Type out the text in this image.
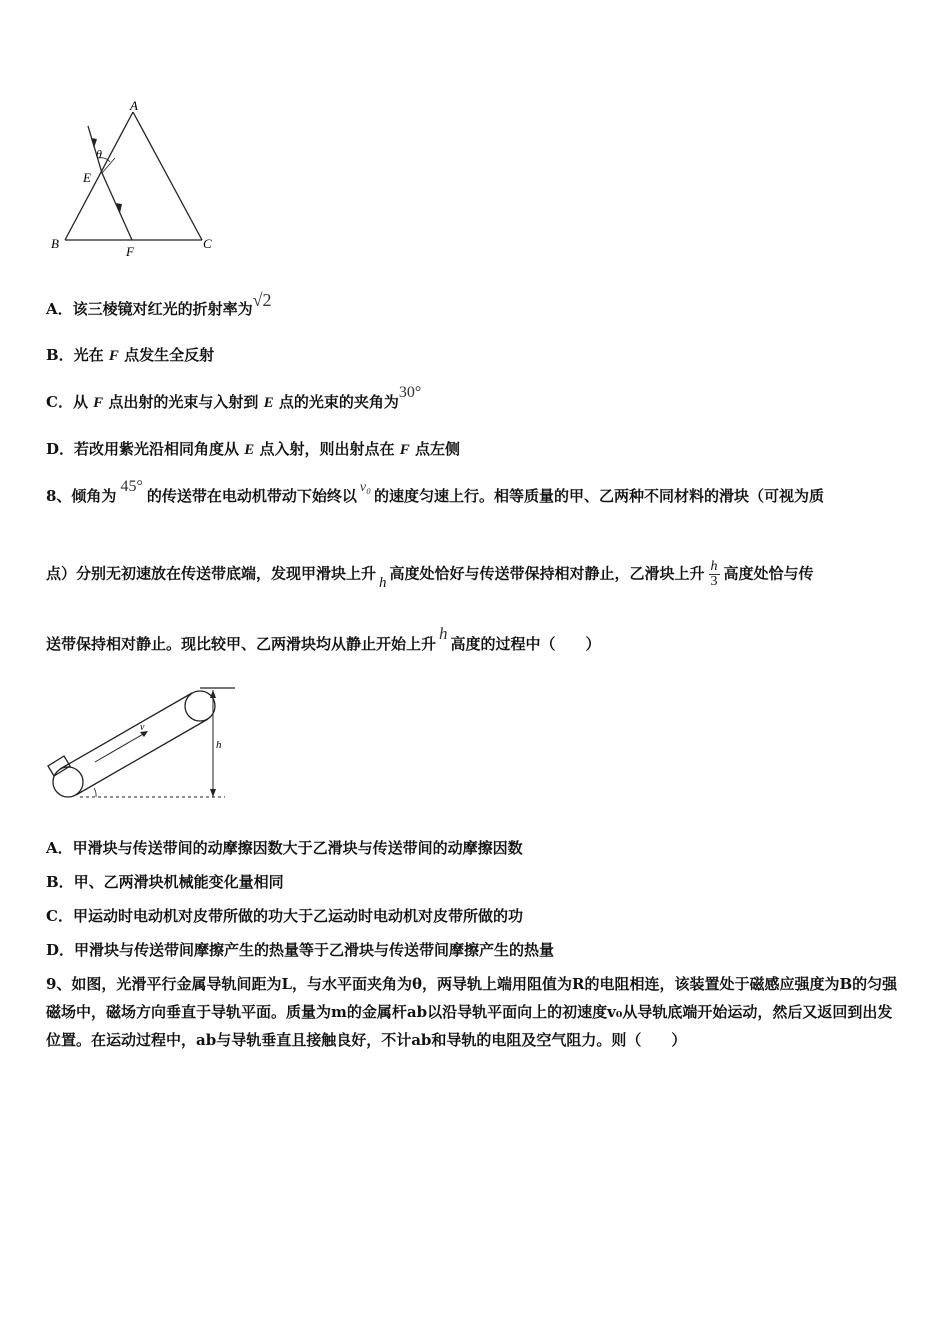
A
B	C
E
F
θ
A．该三棱镜对红光的折射率为√2
B．光在 F 点发生全反射
C．从 F 点出射的光束与入射到 E 点的光束的夹角为30°
D．若改用紫光沿相同角度从 E 点入射，则出射点在 F 点左侧
8、倾角为45°的传送带在电动机带动下始终以 v₀ 的速度匀速上行。相等质量的甲、乙两种不同材料的滑块（可视为质
点）分别无初速放在传送带底端，发现甲滑块上升 h 高度处恰好与传送带保持相对静止，乙滑块上升 $\frac{h}{3}$ 高度处恰与传
送带保持相对静止。现比较甲、乙两滑块均从静止开始上升h高度的过程中（　　）
v
h
A．甲滑块与传送带间的动摩擦因数大于乙滑块与传送带间的动摩擦因数
B．甲、乙两滑块机械能变化量相同
C．甲运动时电动机对皮带所做的功大于乙运动时电动机对皮带所做的功
D．甲滑块与传送带间摩擦产生的热量等于乙滑块与传送带间摩擦产生的热量
9、如图，光滑平行金属导轨间距为L，与水平面夹角为θ，两导轨上端用阻值为R的电阻相连，该装置处于磁感应强度为B的匀强磁场中，磁场方向垂直于导轨平面。质量为m的金属杆ab以沿导轨平面向上的初速度v₀从导轨底端开始运动，然后又返回到出发位置。在运动过程中，ab与导轨垂直且接触良好，不计ab和导轨的电阻及空气阻力。则（　　）
